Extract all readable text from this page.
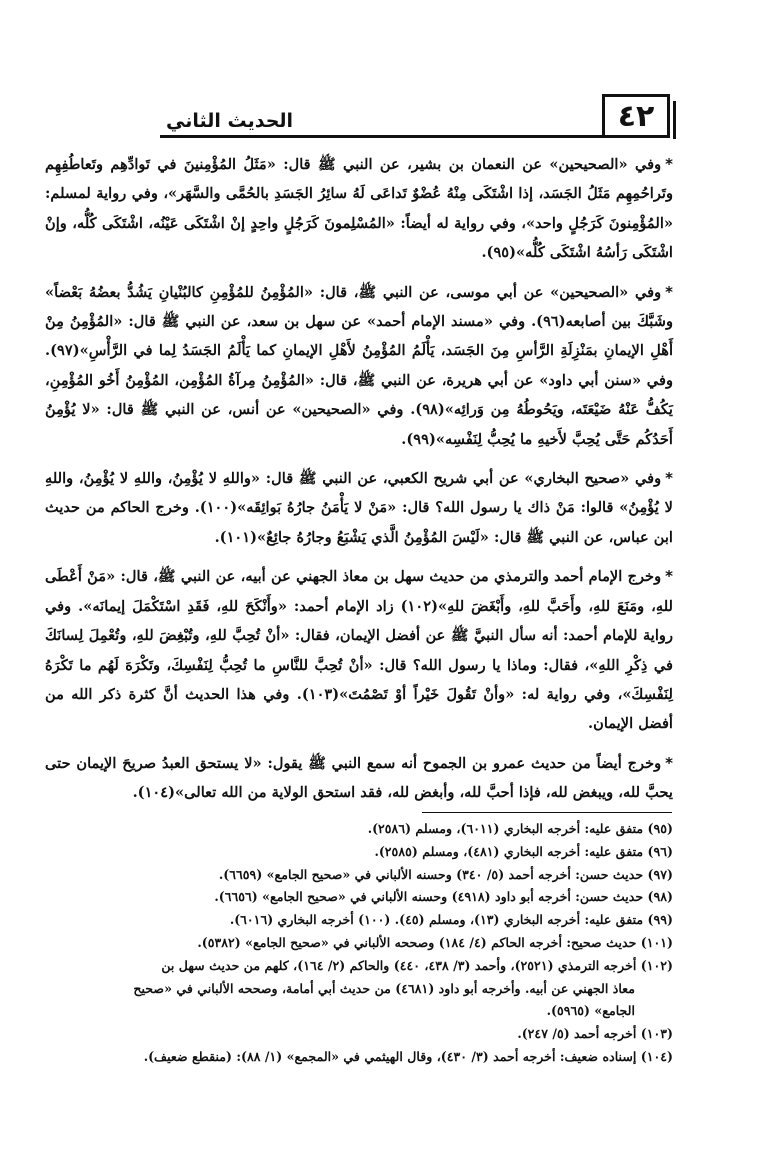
٤٢
الحديث الثاني

*وفي «الصحيحين» عن النعمان بن بشير، عن النبي ﷺ قال: «مَثَلُ المُؤْمِنينَ في تَوادِّهِم وتَعاطُفِهِم وتَراحُمِهِم مَثَلُ الجَسَد، إذا اشْتَكَى مِنْهُ عُضْوٌ تَداعَى لَهُ سائِرُ الجَسَدِ بالحُمَّى والسَّهَر»، وفي رواية لمسلم: «المُؤْمِنونَ كَرَجُلٍ واحد»، وفي رواية له أيضاً: «المُسْلِمونَ كَرَجُلٍ واحِدٍ إنْ اشْتَكَى عَيْنُه، اشْتَكَى كُلُّه، وإنْ اشْتَكَى رَأسُهُ اشْتَكَى كُلُّه»(٩٥).

*وفي «الصحيحين» عن أبي موسى، عن النبي ﷺ، قال: «المُؤْمِنُ للمُؤْمِنِ كالبُنْيانِ يَشُدُّ بعضُهُ بَعْضاً» وشَبَّكَ بين أصابعه(٩٦). وفي «مسند الإمام أحمد» عن سهل بن سعد، عن النبي ﷺ قال: «المُؤْمِنُ مِنْ أَهْلِ الإيمانِ بمَنْزِلَةِ الرَّأسِ مِنَ الجَسَد، يَأْلَمُ المُؤْمِنُ لأَهْلِ الإيمانِ كما يَأْلَمُ الجَسَدُ لِما في الرَّأْسِ»(٩٧). وفي «سنن أبي داود» عن أبي هريرة، عن النبي ﷺ، قال: «المُؤْمِنُ مِرآةُ المُؤْمِن، المُؤْمِنُ أَخُو المُؤْمِنِ، يَكُفُّ عَنْهُ ضَيْعَتَه، ويَحُوطُهُ مِن وَرائِه»(٩٨). وفي «الصحيحين» عن أنس، عن النبي ﷺ قال: «لا يُؤْمِنُ أَحَدُكُم حَتَّى يُحِبَّ لأَخيهِ ما يُحِبُّ لِنَفْسِه»(٩٩).

*وفي «صحيح البخاري» عن أبي شريح الكعبي، عن النبي ﷺ قال: «واللهِ لا يُؤْمِنُ، واللهِ لا يُؤْمِنُ، واللهِ لا يُؤْمِنُ» قالوا: مَنْ ذاك يا رسول الله؟ قال: «مَنْ لا يَأْمَنُ جارُهُ بَوائِقَه»(١٠٠). وخرج الحاكم من حديث ابن عباس، عن النبي ﷺ قال: «لَيْسَ المُؤْمِنُ الَّذي يَشْبَعُ وجارُهُ جائِعٌ»(١٠١).

*وخرج الإمام أحمد والترمذي من حديث سهل بن معاذ الجهني عن أبيه، عن النبي ﷺ، قال: «مَنْ أَعْطَى للهِ، ومَنَعَ للهِ، وأَحَبَّ للهِ، وأَبْغَضَ للهِ»(١٠٢) زاد الإمام أحمد: «وأَنْكَحَ للهِ، فَقَدِ اسْتَكْمَلَ إيمانَه». وفي رواية للإمام أحمد: أنه سأل النبيَّ ﷺ عن أفضل الإيمان، فقال: «أنْ تُحِبَّ للهِ، وتُبْغِضَ للهِ، وتُعْمِلَ لِسانَكَ في ذِكْرِ اللهِ»، فقال: وماذا يا رسول الله؟ قال: «أنْ تُحِبَّ للنَّاسِ ما تُحِبُّ لِنَفْسِكَ، وتَكْرَهَ لَهُم ما تَكْرَهُ لِنَفْسِكَ»، وفي رواية له: «وأنْ تَقُولَ خَيْراً أوْ تَصْمُتَ»(١٠٣). وفي هذا الحديث أنَّ كثرة ذكر الله من أفضل الإيمان.

*وخرج أيضاً من حديث عمرو بن الجموح أنه سمع النبي ﷺ يقول: «لا يستحق العبدُ صريحَ الإيمان حتى يحبَّ لله، ويبغض لله، فإذا أحبَّ لله، وأبغض لله، فقد استحق الولاية من الله تعالى»(١٠٤).

(٩٥) متفق عليه: أخرجه البخاري (٦٠١١)، ومسلم (٢٥٨٦).

(٩٦) متفق عليه: أخرجه البخاري (٤٨١)، ومسلم (٢٥٨٥).

(٩٧) حديث حسن: أخرجه أحمد (٥/ ٣٤٠) وحسنه الألباني في «صحيح الجامع» (٦٦٥٩).

(٩٨) حديث حسن: أخرجه أبو داود (٤٩١٨) وحسنه الألباني في «صحيح الجامع» (٦٦٥٦).

(٩٩) متفق عليه: أخرجه البخاري (١٣)، ومسلم (٤٥). (١٠٠) أخرجه البخاري (٦٠١٦).

(١٠١) حديث صحيح: أخرجه الحاكم (٤/ ١٨٤) وصححه الألباني في «صحيح الجامع» (٥٣٨٢).

(١٠٢) أخرجه الترمذي (٢٥٢١)، وأحمد (٣/ ٤٣٨، ٤٤٠) والحاكم (٢/ ١٦٤)، كلهم من حديث سهل بن

معاذ الجهني عن أبيه. وأخرجه أبو داود (٤٦٨١) من حديث أبي أمامة، وصححه الألباني في «صحيح

الجامع» (٥٩٦٥).

(١٠٣) أخرجه أحمد (٥/ ٢٤٧).

(١٠٤) إسناده ضعيف: أخرجه أحمد (٣/ ٤٣٠)، وقال الهيثمي في «المجمع» (١/ ٨٨): (منقطع ضعيف).
